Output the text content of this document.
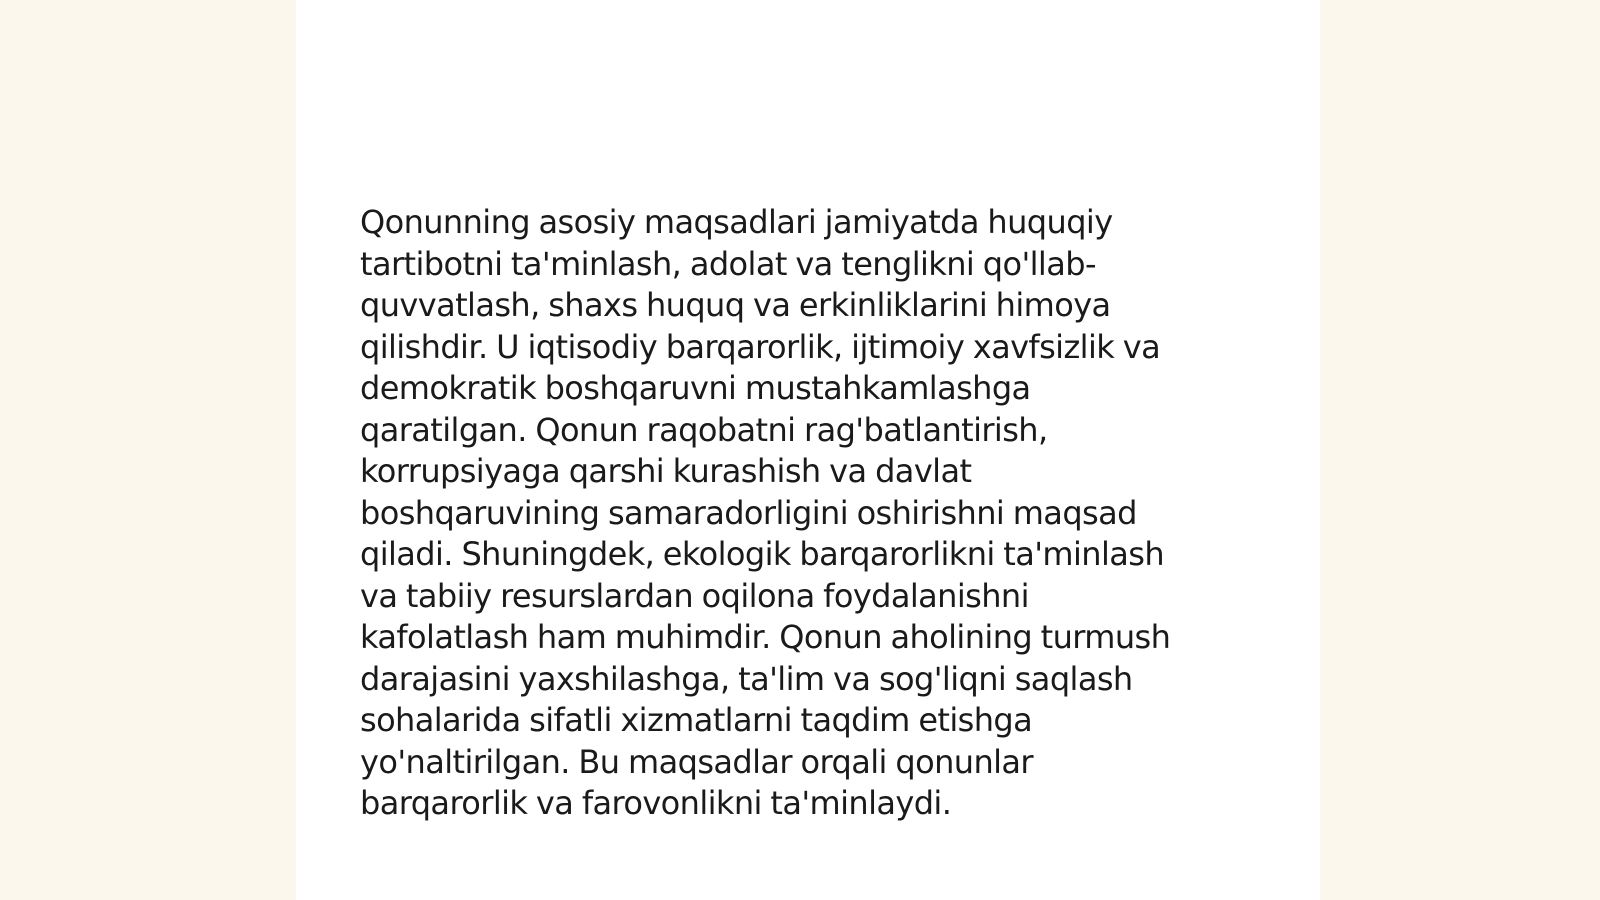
Qonunning asosiy maqsadlari jamiyatda huquqiy
tartibotni ta'minlash, adolat va tenglikni qo'llab-
quvvatlash, shaxs huquq va erkinliklarini himoya
qilishdir. U iqtisodiy barqarorlik, ijtimoiy xavfsizlik va
demokratik boshqaruvni mustahkamlashga
qaratilgan. Qonun raqobatni rag'batlantirish,
korrupsiyaga qarshi kurashish va davlat
boshqaruvining samaradorligini oshirishni maqsad
qiladi. Shuningdek, ekologik barqarorlikni ta'minlash
va tabiiy resurslardan oqilona foydalanishni
kafolatlash ham muhimdir. Qonun aholining turmush
darajasini yaxshilashga, ta'lim va sog'liqni saqlash
sohalarida sifatli xizmatlarni taqdim etishga
yo'naltirilgan. Bu maqsadlar orqali qonunlar
barqarorlik va farovonlikni ta'minlaydi.
